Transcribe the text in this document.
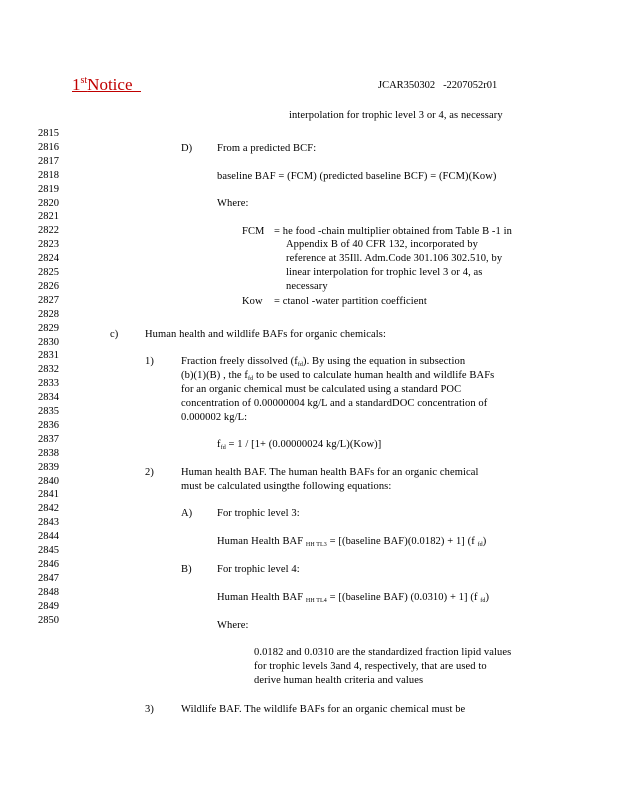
1stNotice	JCAR350302 -2207052r01
2815
2816
2817
2818
2819
2820
2821
2822
2823
2824
2825
2826
2827
2828
2829
2830
2831
2832
2833
2834
2835
2836
2837
2838
2839
2840
2841
2842
2843
2844
2845
2846
2847
2848
2849
2850
interpolation for trophic level 3 or 4, as necessary
D) From a predicted BCF:
baseline BAF = (FCM) (predicted baseline BCF) = (FCM)(Kow)
Where:
FCM = he food -chain multiplier obtained from Table B -1 in
Appendix B of 40 CFR 132, incorporated by
reference at 35Ill. Adm.Code 301.106 302.510, by
linear interpolation for trophic level 3 or 4, as
necessary
Kow = ctanol -water partition coefficient
c)	Human health and wildlife BAFs for organic chemicals:
1)	Fraction freely dissolved $(f_{fd})$. By using the equation in subsection
(b)(1)(B) , the $f_{fd}$ to be used to calculate human health and wildlife BAFs
for an organic chemical must be calculated using a standard POC
concentration of 0.00000004 kg/L and a standardDOC concentration of
0.000002 kg/L:
$f_{fd} = 1 / [1+ (0.00000024$ kg/L)(Kow)]
2)	Human health BAF. The human health BAFs for an organic chemical
must be calculated usingthe following equations:
A) For trophic level 3:
Human Health BAF $_{HH TL3}$ = [(baseline BAF)(0.0182) + 1] (f $_{fd}$)
B) For trophic level 4:
Human Health BAF $_{HH TL4}$ = [(baseline BAF) (0.0310) + 1] (f $_{fd}$)
Where:
0.0182 and 0.0310 are the standardized fraction lipid values
for trophic levels 3and 4, respectively, that are used to
derive human health criteria and values
3)	Wildlife BAF. The wildlife BAFs for an organic chemical must be
